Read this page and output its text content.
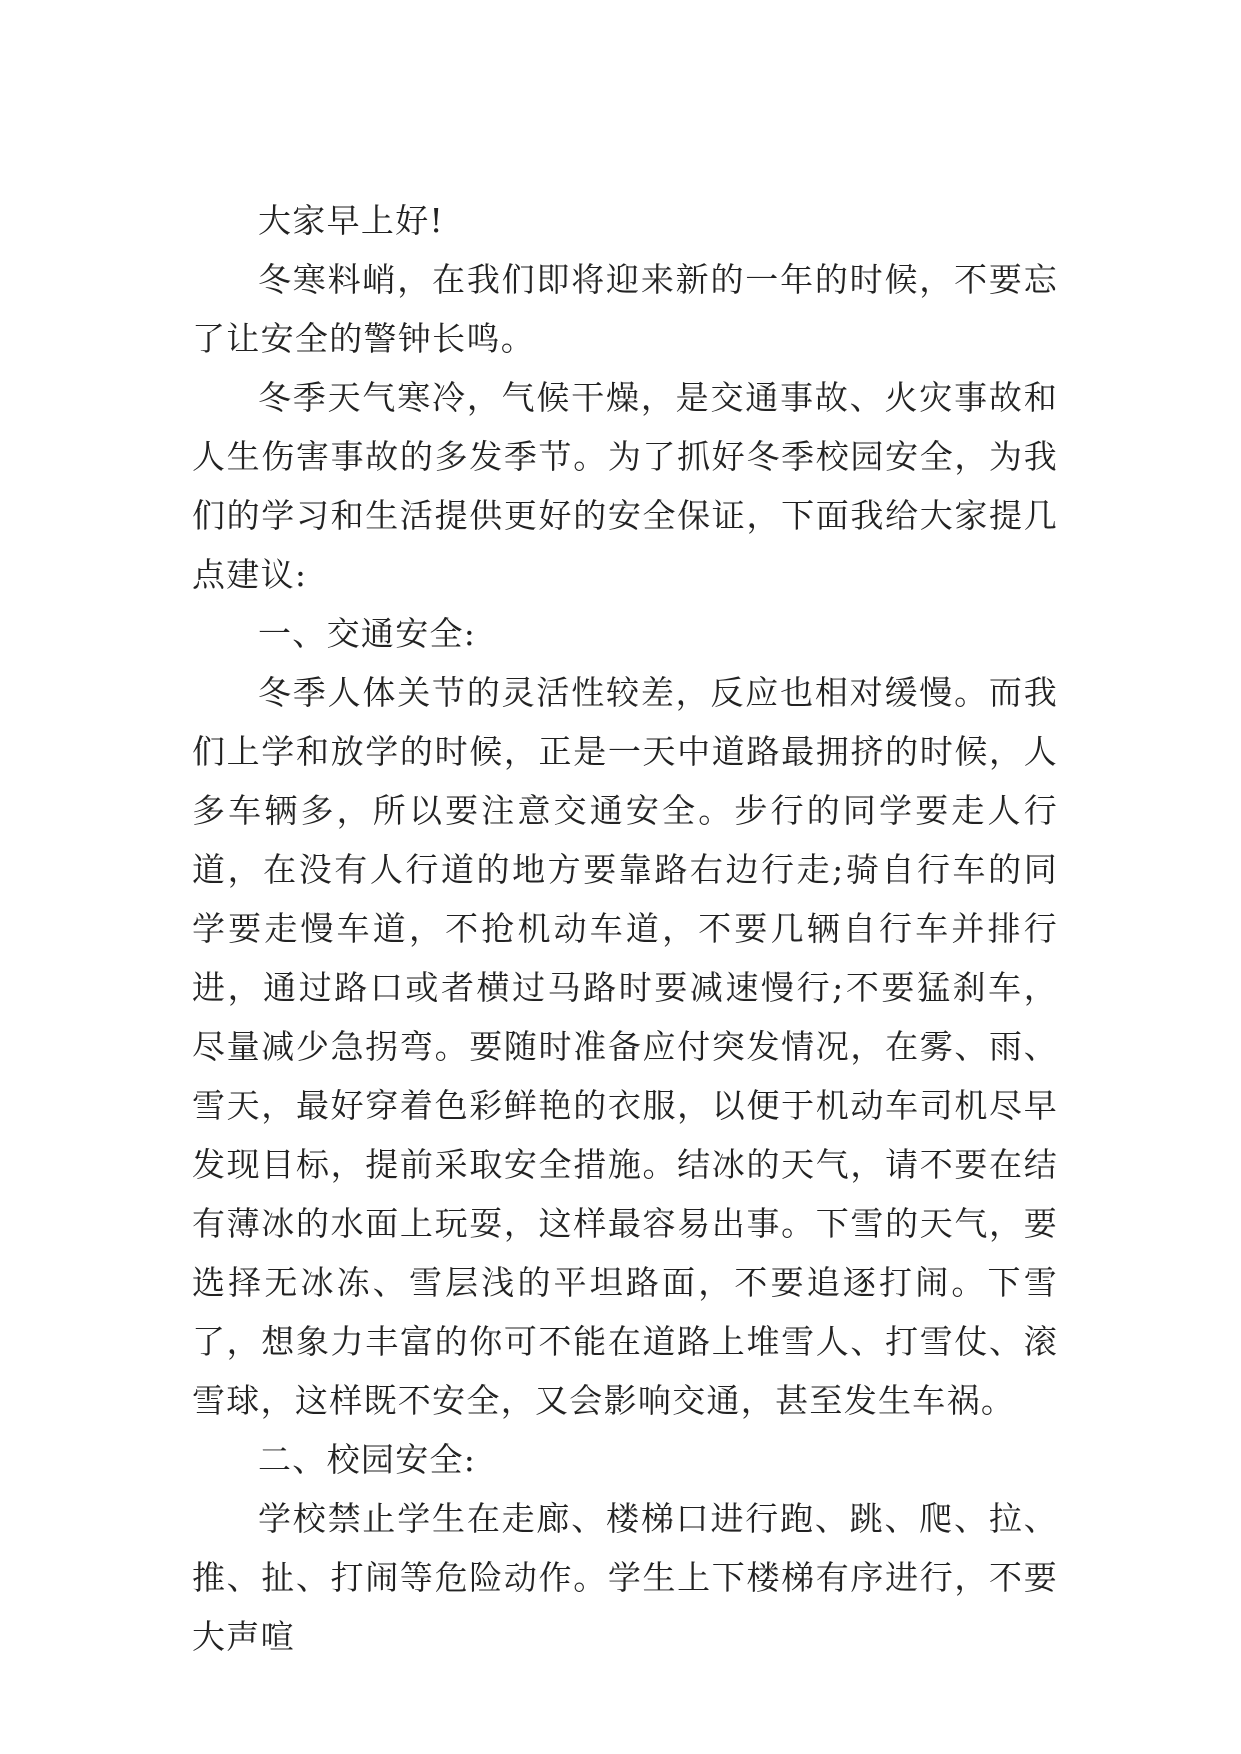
大家早上好!

冬寒料峭，在我们即将迎来新的一年的时候，不要忘了让安全的警钟长鸣。

冬季天气寒冷，气候干燥，是交通事故、火灾事故和人生伤害事故的多发季节。为了抓好冬季校园安全，为我们的学习和生活提供更好的安全保证，下面我给大家提几点建议:

一、交通安全:

冬季人体关节的灵活性较差，反应也相对缓慢。而我们上学和放学的时候，正是一天中道路最拥挤的时候，人多车辆多，所以要注意交通安全。步行的同学要走人行道，在没有人行道的地方要靠路右边行走;骑自行车的同学要走慢车道，不抢机动车道，不要几辆自行车并排行进，通过路口或者横过马路时要减速慢行;不要猛刹车，尽量减少急拐弯。要随时准备应付突发情况，在雾、雨、雪天，最好穿着色彩鲜艳的衣服，以便于机动车司机尽早发现目标，提前采取安全措施。结冰的天气，请不要在结有薄冰的水面上玩耍，这样最容易出事。下雪的天气，要选择无冰冻、雪层浅的平坦路面，不要追逐打闹。下雪了，想象力丰富的你可不能在道路上堆雪人、打雪仗、滚雪球，这样既不安全，又会影响交通，甚至发生车祸。

二、校园安全:

学校禁止学生在走廊、楼梯口进行跑、跳、爬、拉、推、扯、打闹等危险动作。学生上下楼梯有序进行，不要大声喧
